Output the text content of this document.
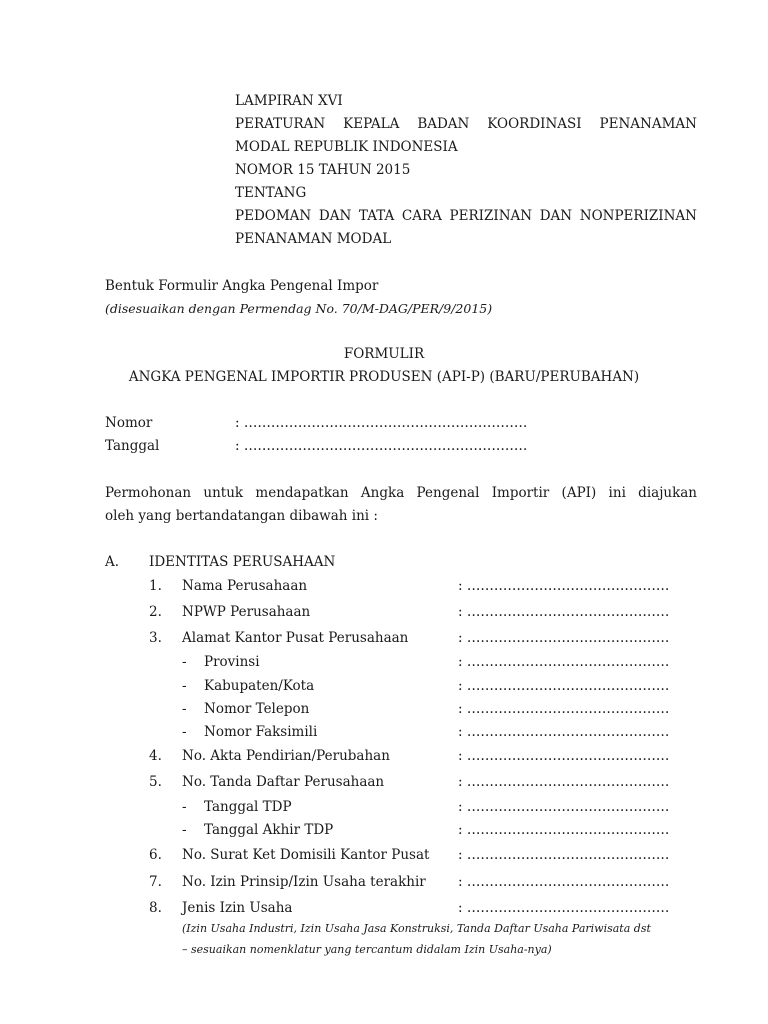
LAMPIRAN XVI
PERATURAN KEPALA BADAN KOORDINASI PENANAMAN
MODAL REPUBLIK INDONESIA
NOMOR 15 TAHUN 2015
TENTANG
PEDOMAN DAN TATA CARA PERIZINAN DAN NONPERIZINAN
PENANAMAN MODAL
Bentuk Formulir Angka Pengenal Impor
(disesuaikan dengan Permendag No. 70/M-DAG/PER/9/2015)
FORMULIR
ANGKA PENGENAL IMPORTIR PRODUSEN (API-P) (BARU/PERUBAHAN)
Nomor	: ………………………………………………………
Tanggal	: ………………………………………………………
Permohonan untuk mendapatkan Angka Pengenal Importir (API) ini diajukan
oleh yang bertandatangan dibawah ini :
A. IDENTITAS PERUSAHAAN
1. Nama Perusahaan	: ………………………………………
2. NPWP Perusahaan	: ………………………………………
3. Alamat Kantor Pusat Perusahaan	: ………………………………………
- Provinsi	: ………………………………………
- Kabupaten/Kota	: ………………………………………
- Nomor Telepon	: ………………………………………
- Nomor Faksimili	: ………………………………………
4. No. Akta Pendirian/Perubahan	: ………………………………………
5. No. Tanda Daftar Perusahaan	: ………………………………………
- Tanggal TDP	: ………………………………………
- Tanggal Akhir TDP	: ………………………………………
6. No. Surat Ket Domisili Kantor Pusat : ………………………………………
7. No. Izin Prinsip/Izin Usaha terakhir : ………………………………………
8. Jenis Izin Usaha	: ………………………………………
(Izin Usaha Industri, Izin Usaha Jasa Konstruksi, Tanda Daftar Usaha Pariwisata dst
– sesuaikan nomenklatur yang tercantum didalam Izin Usaha-nya)
